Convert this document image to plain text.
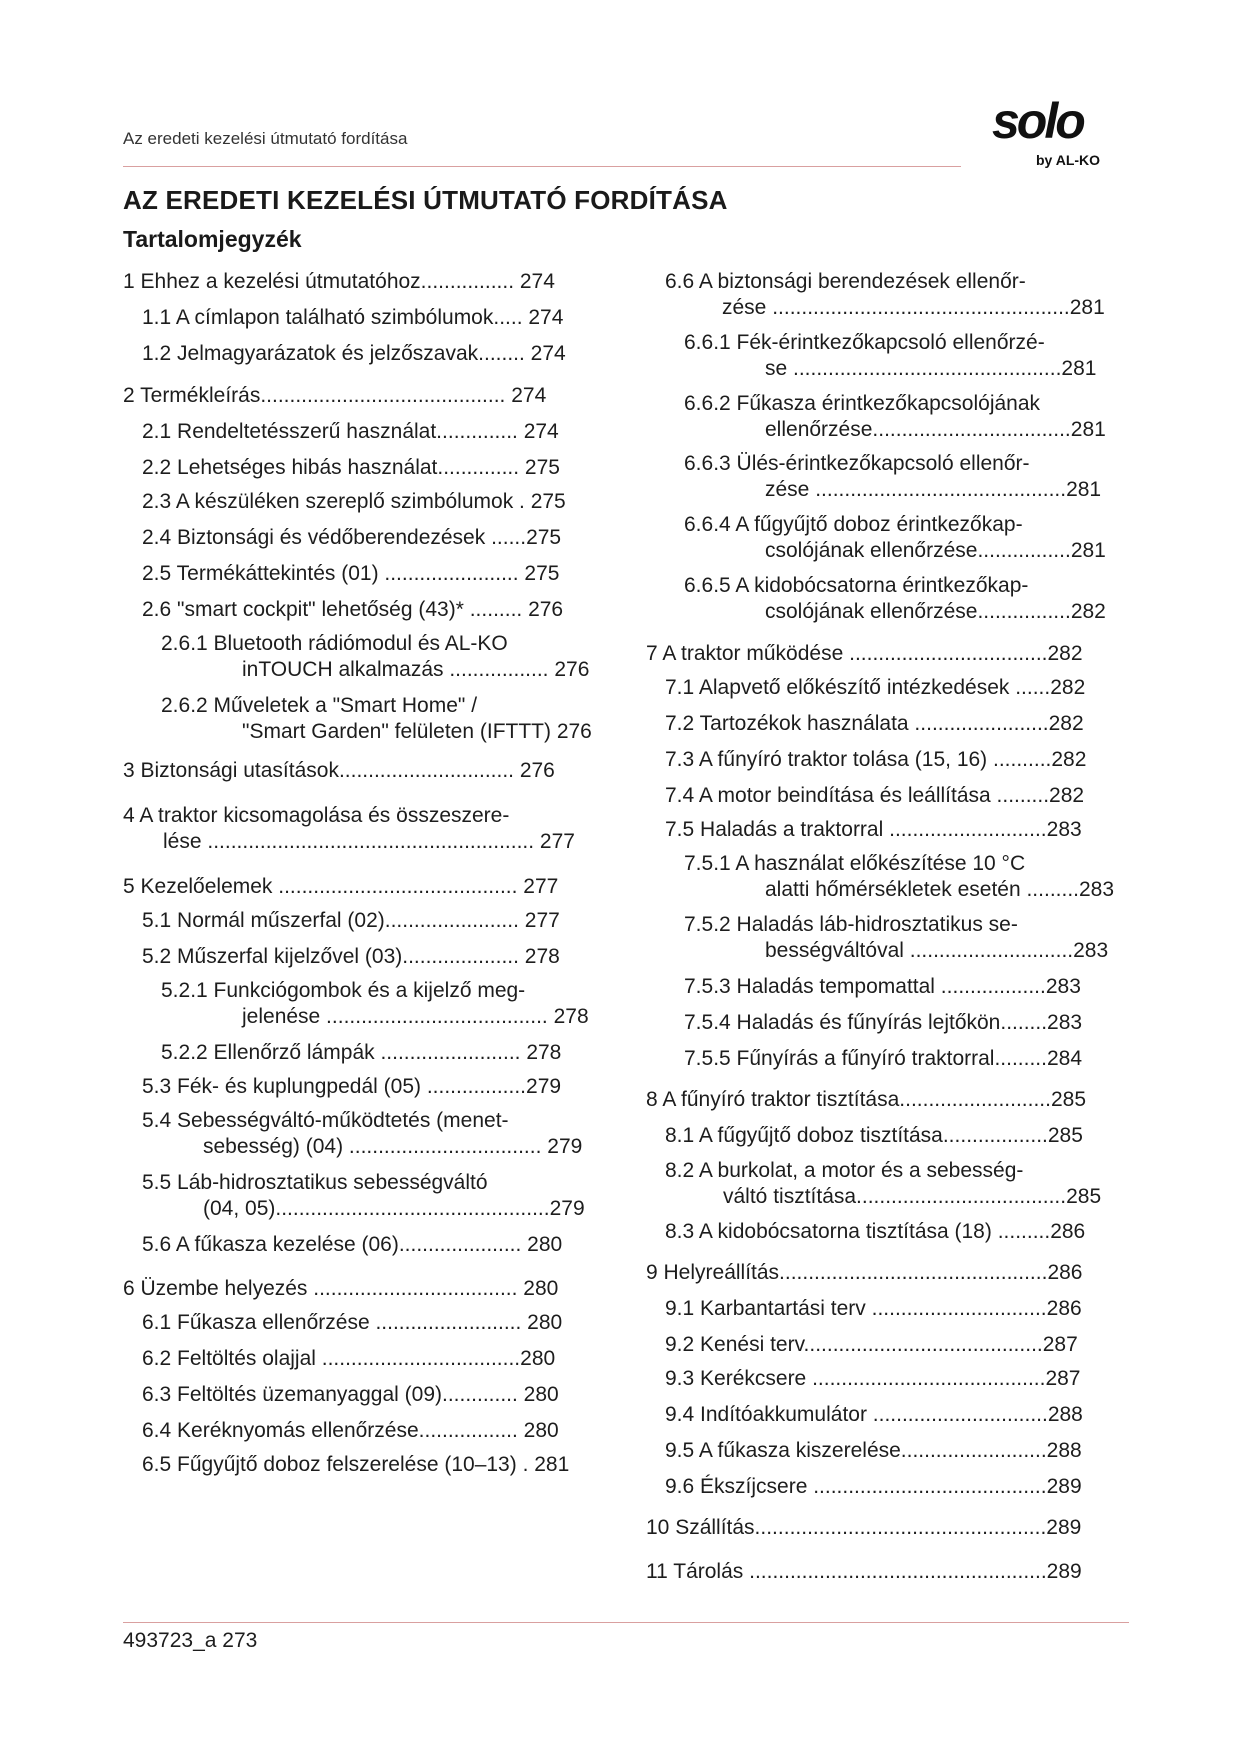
Az eredeti kezelési útmutató fordítása	solo
by AL-KO
AZ EREDETI KEZELÉSI ÚTMUTATÓ FORDÍTÁSA
Tartalomjegyzék
1 Ehhez a kezelési útmutatóhoz................ 274
1.1 A címlapon található szimbólumok..... 274
1.2 Jelmagyarázatok és jelzőszavak........ 274
2 Termékleírás.......................................... 274
2.1 Rendeltetésszerű használat.............. 274
2.2 Lehetséges hibás használat.............. 275
2.3 A készüléken szereplő szimbólumok . 275
2.4 Biztonsági és védőberendezések ......275
2.5 Termékáttekintés (01) ....................... 275
2.6 "smart cockpit" lehetőség (43)* ......... 276
2.6.1 Bluetooth rádiómodul és AL-KO
inTOUCH alkalmazás ................. 276
2.6.2 Műveletek a "Smart Home" /
"Smart Garden" felületen (IFTTT) 276
3 Biztonsági utasítások.............................. 276
4 A traktor kicsomagolása és összeszere-
lése ........................................................ 277
5 Kezelőelemek ......................................... 277
5.1 Normál műszerfal (02)....................... 277
5.2 Műszerfal kijelzővel (03).................... 278
5.2.1 Funkciógombok és a kijelző meg-
jelenése ...................................... 278
5.2.2 Ellenőrző lámpák ........................ 278
5.3 Fék- és kuplungpedál (05) .................279
5.4 Sebességváltó-működtetés (menet-
sebesség) (04) ................................. 279
5.5 Láb-hidrosztatikus sebességváltó
(04, 05)...............................................279
5.6 A fűkasza kezelése (06)..................... 280
6 Üzembe helyezés ................................... 280
6.1 Fűkasza ellenőrzése ......................... 280
6.2 Feltöltés olajjal ..................................280
6.3 Feltöltés üzemanyaggal (09)............. 280
6.4 Keréknyomás ellenőrzése................. 280
6.5 Fűgyűjtő doboz felszerelése (10–13) . 281
6.6 A biztonsági berendezések ellenőr-
zése ...................................................281
6.6.1 Fék-érintkezőkapcsoló ellenőrzé-
se ..............................................281
6.6.2 Fűkasza érintkezőkapcsolójának
ellenőrzése..................................281
6.6.3 Ülés-érintkezőkapcsoló ellenőr-
zése ...........................................281
6.6.4 A fűgyűjtő doboz érintkezőkap-
csolójának ellenőrzése................281
6.6.5 A kidobócsatorna érintkezőkap-
csolójának ellenőrzése................282
7 A traktor működése ..................................282
7.1 Alapvető előkészítő intézkedések ......282
7.2 Tartozékok használata .......................282
7.3 A fűnyíró traktor tolása (15, 16) ..........282
7.4 A motor beindítása és leállítása .........282
7.5 Haladás a traktorral ...........................283
7.5.1 A használat előkészítése 10 °C
alatti hőmérsékletek esetén .........283
7.5.2 Haladás láb-hidrosztatikus se-
bességváltóval ............................283
7.5.3 Haladás tempomattal ..................283
7.5.4 Haladás és fűnyírás lejtőkön........283
7.5.5 Fűnyírás a fűnyíró traktorral.........284
8 A fűnyíró traktor tisztítása..........................285
8.1 A fűgyűjtő doboz tisztítása..................285
8.2 A burkolat, a motor és a sebesség-
váltó tisztítása....................................285
8.3 A kidobócsatorna tisztítása (18) .........286
9 Helyreállítás..............................................286
9.1 Karbantartási terv ..............................286
9.2 Kenési terv.........................................287
9.3 Kerékcsere ........................................287
9.4 Indítóakkumulátor ..............................288
9.5 A fűkasza kiszerelése.........................288
9.6 Ékszíjcsere ........................................289
10 Szállítás..................................................289
11 Tárolás ...................................................289
493723_a 273
